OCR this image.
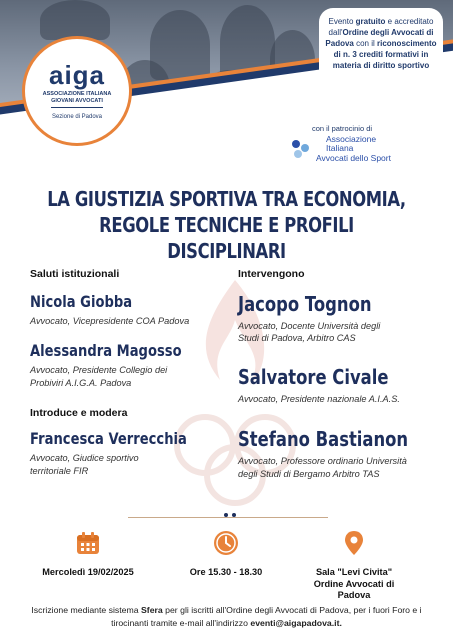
aiga
ASSOCIAZIONE ITALIANA
GIOVANI AVVOCATI
Sezione di Padova
Evento gratuito e accreditato dall'Ordine degli Avvocati di Padova con il riconoscimento di n. 3 crediti formativi in materia di diritto sportivo
con il patrocinio di
Associazione
Italiana
Avvocati dello Sport
LA GIUSTIZIA SPORTIVA TRA ECONOMIA,
REGOLE TECNICHE E PROFILI DISCIPLINARI
Saluti istituzionali
Nicola Giobba
Avvocato, Vicepresidente COA Padova
Alessandra Magosso
Avvocato, Presidente Collegio dei Probiviri A.I.G.A. Padova
Introduce e modera
Francesca Verrecchia
Avvocato, Giudice sportivo territoriale FIR
Intervengono
Jacopo Tognon
Avvocato, Docente Università degli Studi di Padova, Arbitro CAS
Salvatore Civale
Avvocato, Presidente nazionale A.I.A.S.
Stefano Bastianon
Avvocato, Professore ordinario Università degli Studi di Bergamo Arbitro TAS
Mercoledì 19/02/2025	Ore 15.30 - 18.30	Sala "Levi Civita" Ordine Avvocati di Padova
Iscrizione mediante sistema Sfera per gli iscritti all'Ordine degli Avvocati di Padova, per i fuori Foro e i tirocinanti tramite e-mail all'indirizzo eventi@aigapadova.it.
